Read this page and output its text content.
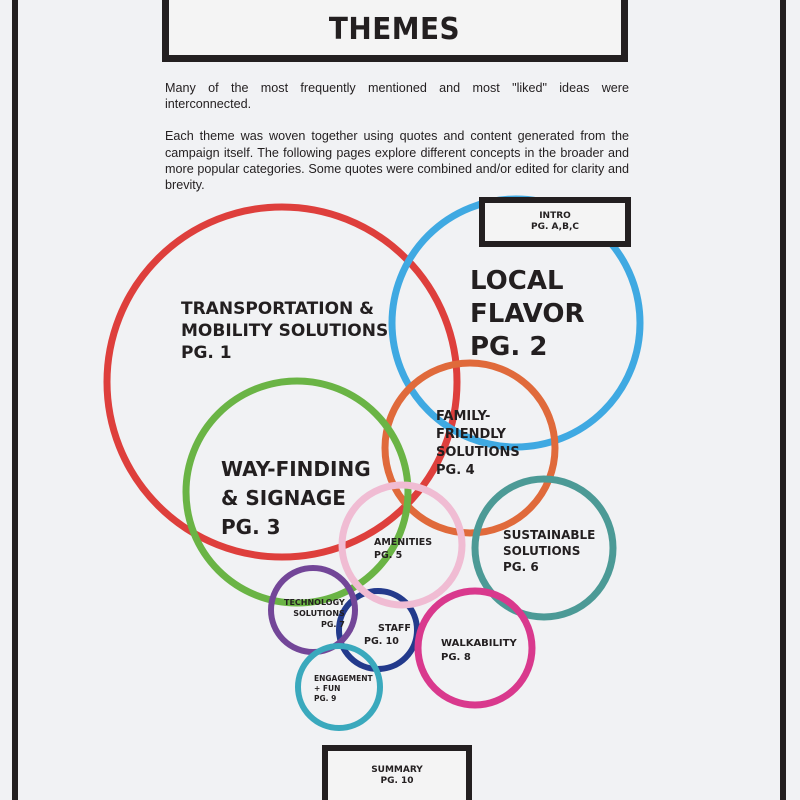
THEMES

Many of the most frequently mentioned and most "liked" ideas were interconnected.

Each theme was woven together using quotes and content generated from the campaign itself. The following pages explore different concepts in the broader and more popular categories. Some quotes were combined and/or edited for clarity and brevity.

INTRO
PG. A,B,C
SUMMARY
PG. 10
TRANSPORTATION &
MOBILITY SOLUTIONS
PG. 1
LOCAL
FLAVOR
PG. 2
FAMILY-
FRIENDLY
SOLUTIONS
PG. 4
WAY-FINDING
& SIGNAGE
PG. 3
AMENITIES
PG. 5
SUSTAINABLE
SOLUTIONS
PG. 6
TECHNOLOGY
SOLUTIONS
PG. 7	STAFF
PG. 10	WALKABILITY
PG. 8
ENGAGEMENT
+ FUN
PG. 9
